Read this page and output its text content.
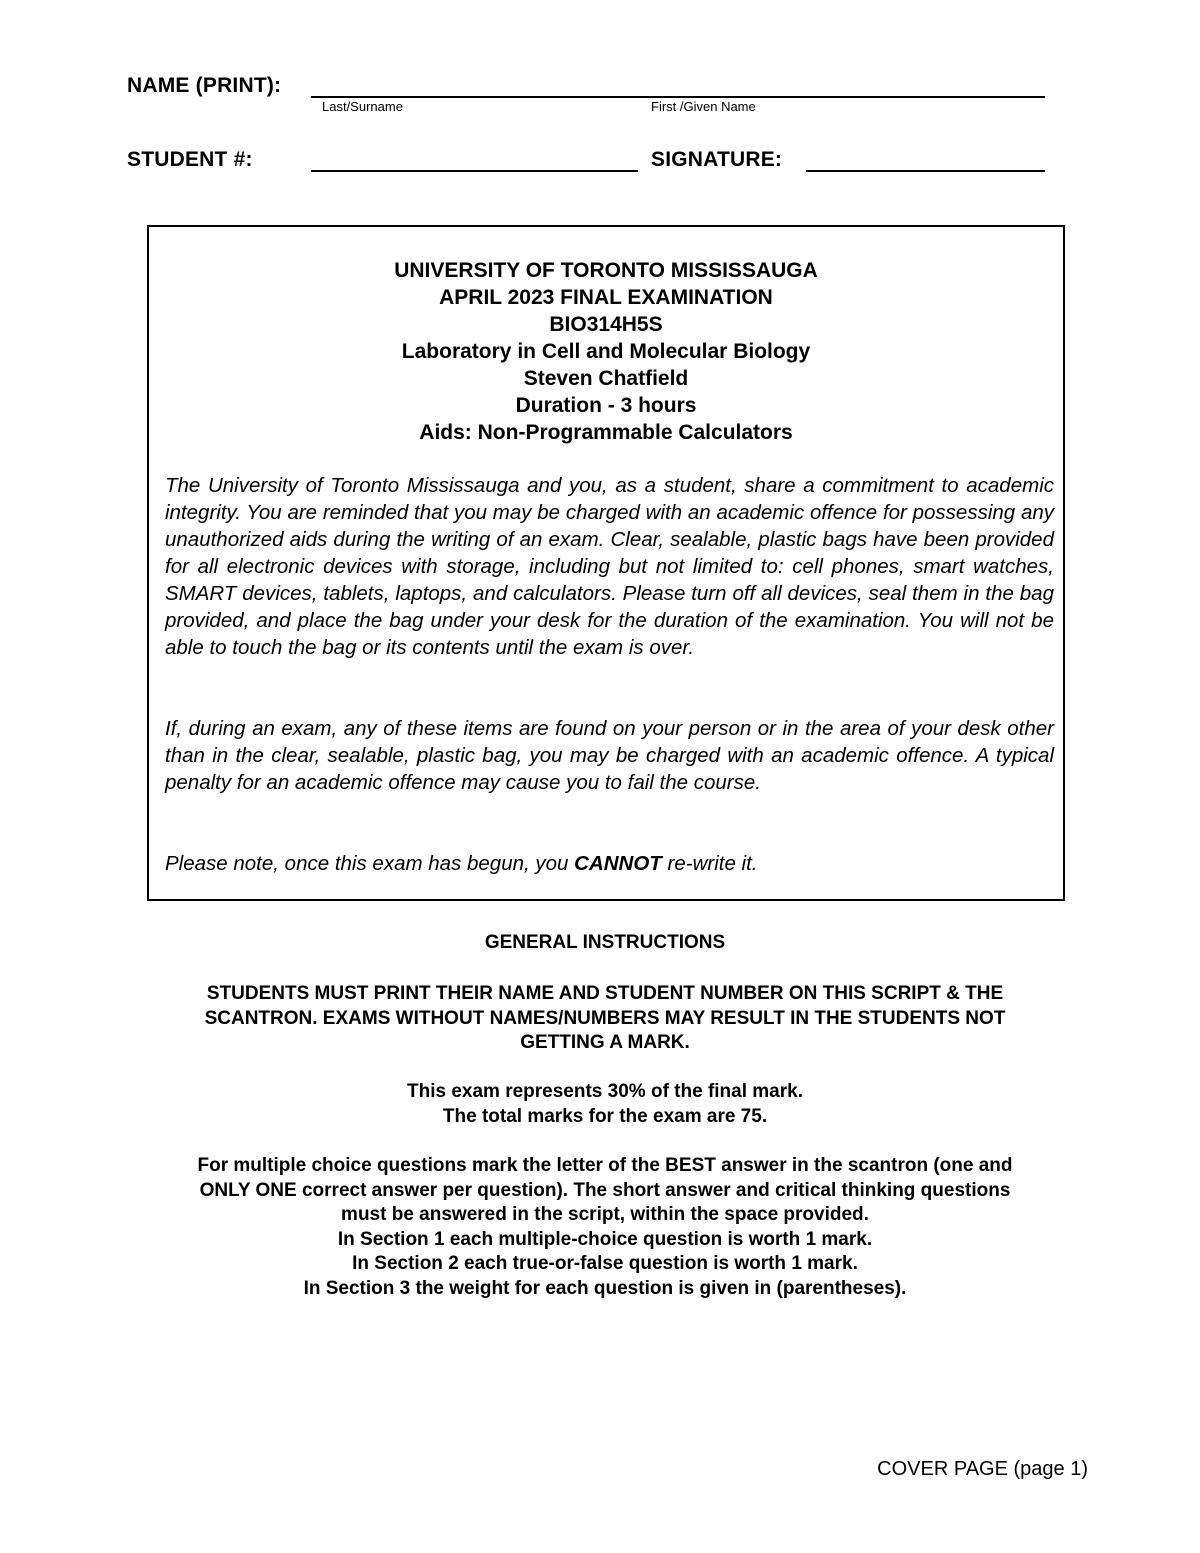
NAME (PRINT):
Last/Surname	First /Given Name
STUDENT #:	SIGNATURE:
UNIVERSITY OF TORONTO MISSISSAUGA
APRIL 2023 FINAL EXAMINATION
BIO314H5S
Laboratory in Cell and Molecular Biology
Steven Chatfield
Duration - 3 hours
Aids: Non-Programmable Calculators
The University of Toronto Mississauga and you, as a student, share a commitment to academic integrity. You are reminded that you may be charged with an academic offence for possessing any unauthorized aids during the writing of an exam. Clear, sealable, plastic bags have been provided for all electronic devices with storage, including but not limited to: cell phones, smart watches, SMART devices, tablets, laptops, and calculators. Please turn off all devices, seal them in the bag provided, and place the bag under your desk for the duration of the examination. You will not be able to touch the bag or its contents until the exam is over.
If, during an exam, any of these items are found on your person or in the area of your desk other than in the clear, sealable, plastic bag, you may be charged with an academic offence. A typical penalty for an academic offence may cause you to fail the course.
Please note, once this exam has begun, you CANNOT re-write it.
GENERAL INSTRUCTIONS
STUDENTS MUST PRINT THEIR NAME AND STUDENT NUMBER ON THIS SCRIPT & THE
SCANTRON. EXAMS WITHOUT NAMES/NUMBERS MAY RESULT IN THE STUDENTS NOT
GETTING A MARK.
This exam represents 30% of the final mark.
The total marks for the exam are 75.
For multiple choice questions mark the letter of the BEST answer in the scantron (one and
ONLY ONE correct answer per question). The short answer and critical thinking questions
must be answered in the script, within the space provided.
In Section 1 each multiple-choice question is worth 1 mark.
In Section 2 each true-or-false question is worth 1 mark.
In Section 3 the weight for each question is given in (parentheses).
COVER PAGE (page 1)
